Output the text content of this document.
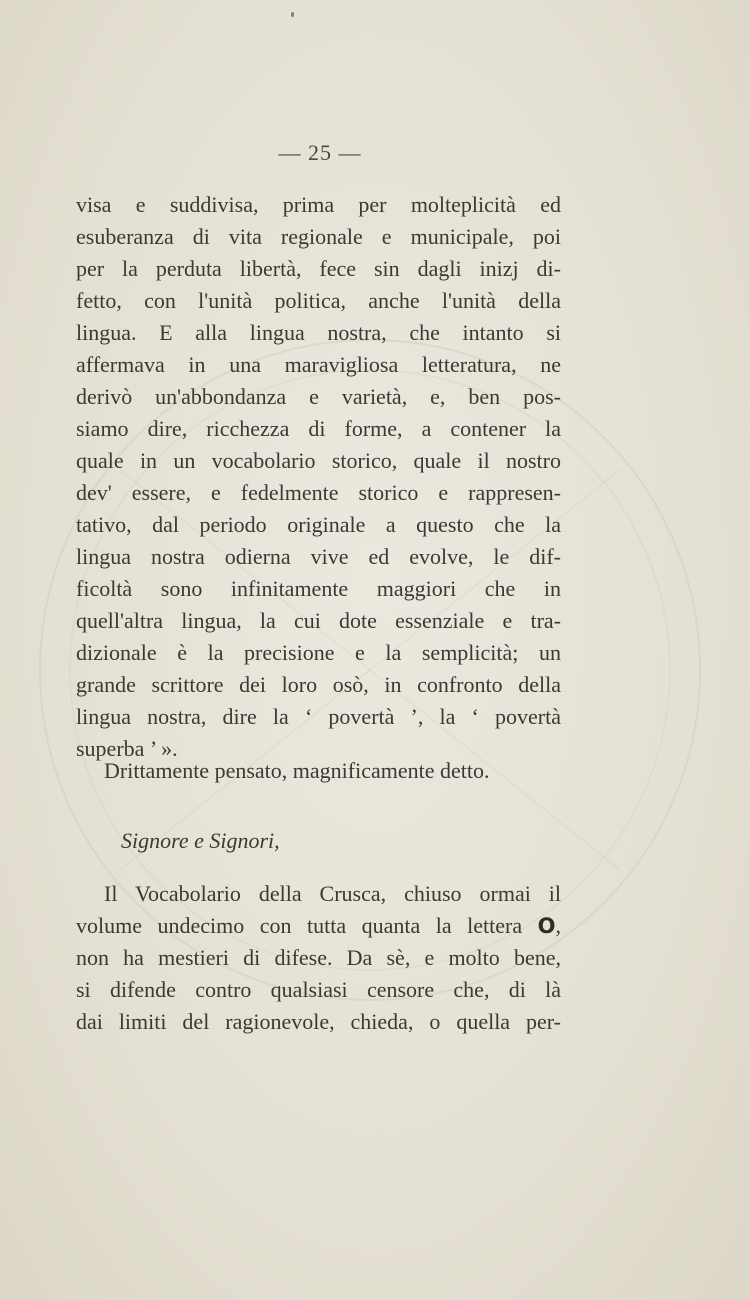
— 25 —
visa e suddivisa, prima per molteplicità ed
esuberanza di vita regionale e municipale, poi
per la perduta libertà, fece sin dagli inizj di-
fetto, con l'unità politica, anche l'unità della
lingua. E alla lingua nostra, che intanto si
affermava in una maravigliosa letteratura, ne
derivò un'abbondanza e varietà, e, ben pos-
siamo dire, ricchezza di forme, a contener la
quale in un vocabolario storico, quale il nostro
dev' essere, e fedelmente storico e rappresen-
tativo, dal periodo originale a questo che la
lingua nostra odierna vive ed evolve, le dif-
ficoltà sono infinitamente maggiori che in
quell'altra lingua, la cui dote essenziale e tra-
dizionale è la precisione e la semplicità; un
grande scrittore dei loro osò, in confronto della
lingua nostra, dire la ‘ povertà ’, la ‘ povertà
superba ’ ».
Drittamente pensato, magnificamente detto.
Signore e Signori,
Il Vocabolario della Crusca, chiuso ormai il
volume undecimo con tutta quanta la lettera O,
non ha mestieri di difese. Da sè, e molto bene,
si difende contro qualsiasi censore che, di là
dai limiti del ragionevole, chieda, o quella per-
